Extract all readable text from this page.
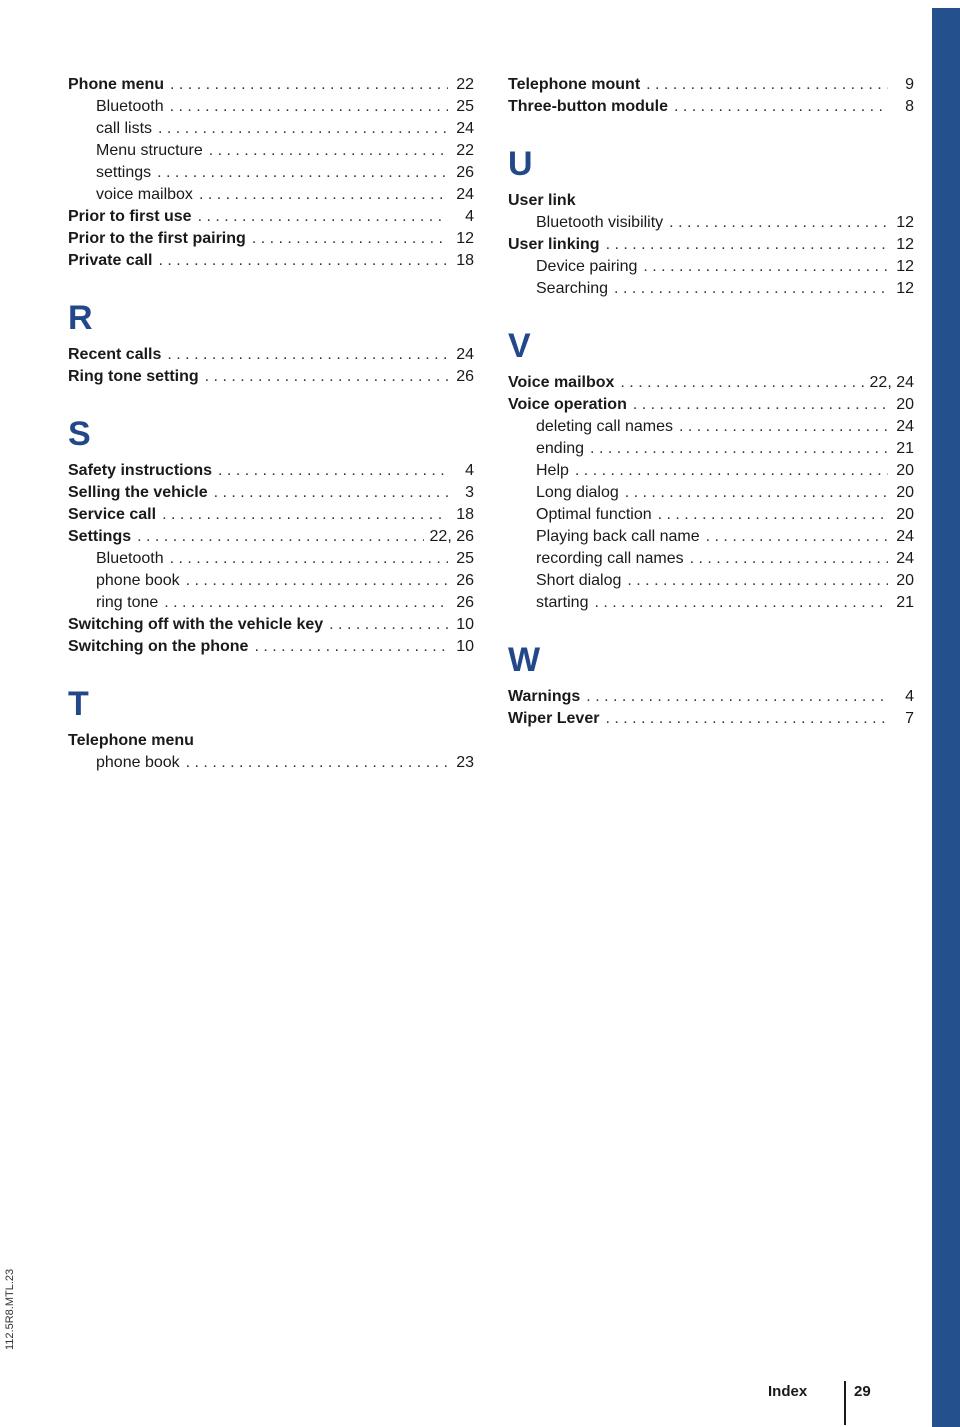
Phone menu . . .	22
Bluetooth . . .	25
call lists . . .	24
Menu structure . . .	22
settings . . .	26
voice mailbox . . .	24
Prior to first use . . .	4
Prior to the first pairing . . .	12
Private call . . .	18
R
Recent calls . . .	24
Ring tone setting . . .	26
S
Safety instructions . . .	4
Selling the vehicle . . .	3
Service call . . .	18
Settings . . .	22, 26
Bluetooth . . .	25
phone book . . .	26
ring tone . . .	26
Switching off with the vehicle key . . .	10
Switching on the phone . . .	10
T
Telephone menu
phone book . . .	23
Telephone mount . . .	9
Three-button module . . .	8
U
User link
Bluetooth visibility . . .	12
User linking . . .	12
Device pairing . . .	12
Searching . . .	12
V
Voice mailbox . . .	22, 24
Voice operation . . .	20
deleting call names . . .	24
ending . . .	21
Help . . .	20
Long dialog . . .	20
Optimal function . . .	20
Playing back call name . . .	24
recording call names . . .	24
Short dialog . . .	20
starting . . .	21
W
Warnings . . .	4
Wiper Lever . . .	7
Index	29
112.5R8.MTL.23
